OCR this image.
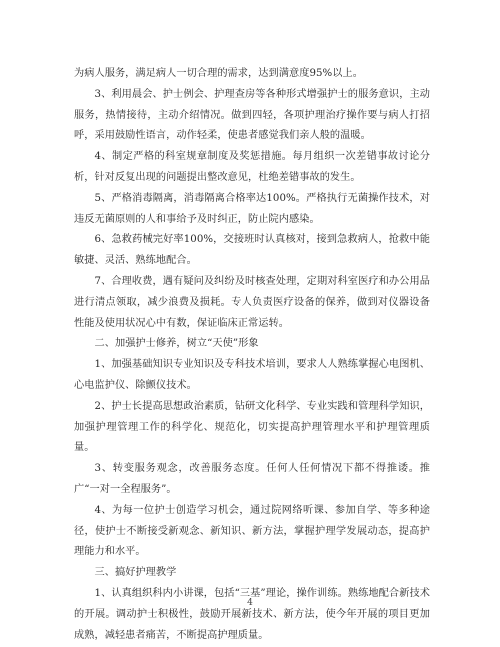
为病人服务，满足病人一切合理的需求，达到满意度95%以上。

3、利用晨会、护士例会、护理查房等各种形式增强护士的服务意识，主动服务，热情接待，主动介绍情况。做到四轻，各项护理治疗操作要与病人打招呼，采用鼓励性语言，动作轻柔，使患者感觉我们亲人般的温暖。

4、制定严格的科室规章制度及奖惩措施。每月组织一次差错事故讨论分析，针对反复出现的问题提出整改意见，杜绝差错事故的发生。

5、严格消毒隔离，消毒隔离合格率达100%。严格执行无菌操作技术，对违反无菌原则的人和事给予及时纠正，防止院内感染。

6、急救药械完好率100%，交接班时认真核对，接到急救病人，抢救中能敏捷、灵活、熟练地配合。

7、合理收费，遇有疑问及纠纷及时核查处理，定期对科室医疗和办公用品进行清点领取，减少浪费及损耗。专人负责医疗设备的保养，做到对仪器设备性能及使用状况心中有数，保证临床正常运转。

二、加强护士修养，树立“天使”形象

1、加强基础知识专业知识及专科技术培训，要求人人熟练掌握心电图机、心电监护仪、除颤仪技术。

2、护士长提高思想政治素质，钻研文化科学、专业实践和管理科学知识，加强护理管理工作的科学化、规范化，切实提高护理管理水平和护理管理质量。

3、转变服务观念，改善服务态度。任何人任何情况下都不得推诿。推广“一对一全程服务”。

4、为每一位护士创造学习机会，通过院网络听课、参加自学、等多种途径，使护士不断接受新观念、新知识、新方法，掌握护理学发展动态，提高护理能力和水平。

三、搞好护理教学

1、认真组织科内小讲课，包括“三基”理论，操作训练。熟练地配合新技术的开展。调动护士积极性，鼓励开展新技术、新方法，使今年开展的项目更加成熟，减轻患者痛苦，不断提高护理质量。

4
